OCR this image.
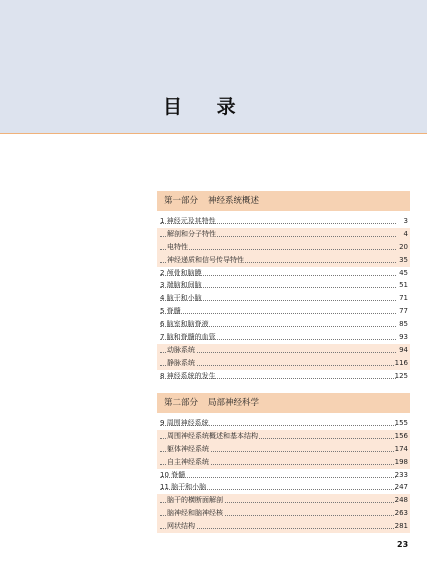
目 录
第一部分 神经系统概述
1 神经元及其特性	3
解剖和分子特性	4
电特性	20
神经递质和信号传导特性	35
2 颅骨和脑膜	45
3 端脑和间脑	51
4 脑干和小脑	71
5 脊髓	77
6 脑室和脑脊液	85
7 脑和脊髓的血管	93
动脉系统	94
静脉系统	116
8 神经系统的发生	125
第二部分 局部神经科学
9 周围神经系统	155
周围神经系统概述和基本结构	156
躯体神经系统	174
自主神经系统	198
10 脊髓	233
11 脑干和小脑	247
脑干的横断面解剖	248
脑神经和脑神经核	263
网状结构	281
23
